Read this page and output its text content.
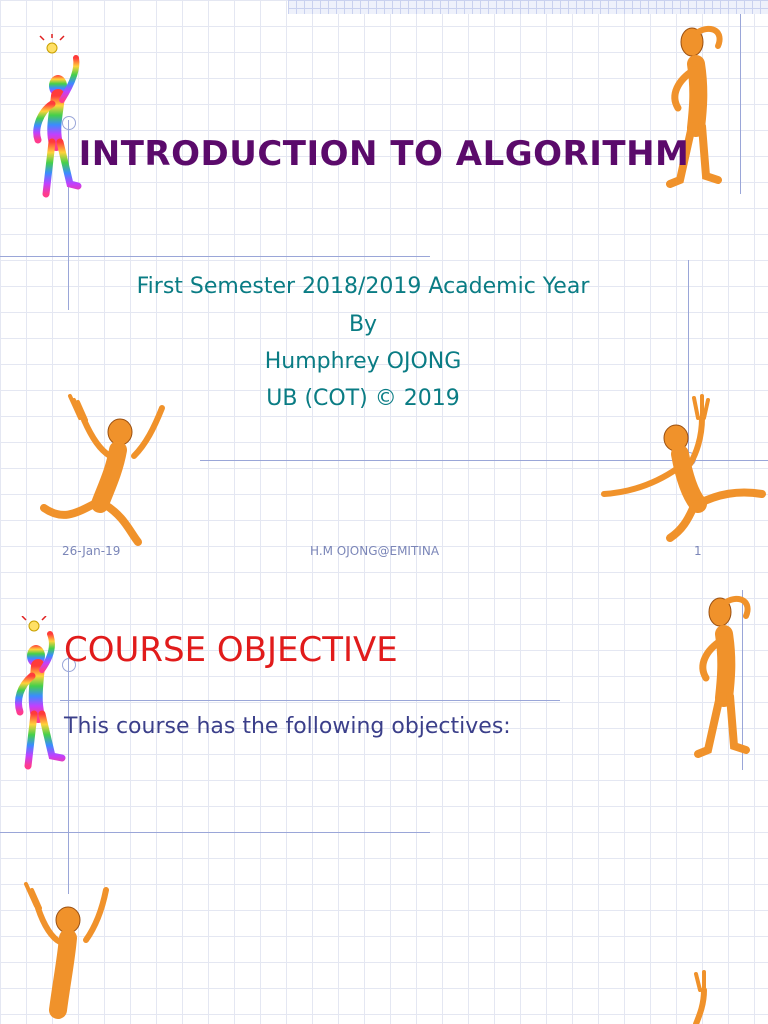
INTRODUCTION TO ALGORITHM
First Semester 2018/2019 Academic Year
By
Humphrey OJONG
UB (COT) © 2019
26-Jan-19	H.M OJONG@EMITINA	1
COURSE OBJECTIVE
This course has the following objectives:
